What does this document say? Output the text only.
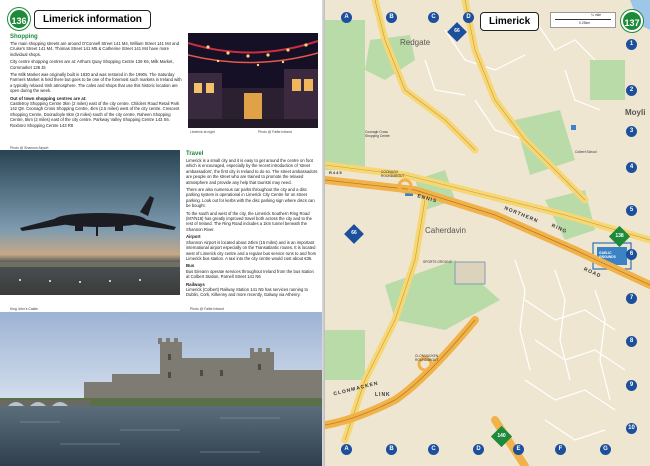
136	Limerick information
Shopping

The main shopping streets are around O'Connell Street 141 M4, William Street 141 M4 and Cruise's Street 141 M4. Thomas Street 141 M5 & Catherine Street 141 M4 have more individual shops.

City centre shopping centres are at: Arthurs Quay Shopping Centre 139 K6, Milk Market, Cornmarket 138 J5

The Milk Market was originally built in 1830 and was restored in the 1990s. The Saturday Farmers Market is held there but goes to be one of the foremost such markets in Ireland with a typically relaxed Irish atmosphere. The cafes and shops that use this historic location are open during the week.

Out of town shopping centres are at:

Castletroy Shopping Centre 3km (2 miles) east of the city centre. Childers Road Retail Park 142 Q8. Coonagh Cross Shopping Centre, 4km (2.5 miles) west of the city centre. Crescent Shopping Centre, Dooradoyle 5km (3 miles) south of the city centre. Raheen Shopping Centre, 5km (2 miles) east of the city centre. Parkway Valley Shopping Centre 143 S6. Roxboro Shopping Centre 143 R8

Limerick at night	Photo @ Failte Ireland
Photo @ Shannon Airport
Travel

Limerick is a small city and it is easy to get around the centre on foot which is encouraged, especially by the recent introduction of 'street ambassadors', the first city in Ireland to do so. The street ambassadors are people on the street who are trained to promote the relaxed atmosphere and provide any help that tourists may need.

There are also numerous car parks throughout the city and a disc parking system is operational in Limerick City Centre for on street parking. Look out for kerbs with the disc parking sign where discs can be bought.

To the south and west of the city, the Limerick Southern Ring Road (M7/N18) has greatly improved travel both across the city and to the rest of Ireland. The Ring Road includes a 1km tunnel beneath the Shannon River.

Airport

Shannon Airport is located about 24km (15 miles) and is an important international airport especially on the Transatlantic routes. It is located west of Limerick city centre and a regular bus service runs to and from Limerick bus station. A taxi into the city centre would cost about €35.

Bus

Bus Eireann operate services throughout Ireland from the bus station at Colbert Station, Parnell Street 141 N6

Railways

Limerick (Colbert) Railway Station 141 N5 has services running to Dublin, Cork, Kilkenny and more recently, Galway via Athenry.

King John's Castle	Photo @ Failte Ireland
A	B	C	D
A	B	C	D	E	F	G
1
2
3
4
5
6
7
8
9
10
66
66	138
140
Limerick	137
¼ mile
0.25km
Redgate
Moyli
Caherdavin
ENNIS
NORTHERN
RING
ROAD
CLONMACKEN
LINK
R445
Coonagh Cross Shopping Centre
COONAGH ROUNDABOUT
CLONMACKEN ROUNDABOUT
SPORTS GROUND
GAELIC GROUNDS
Colbert School
